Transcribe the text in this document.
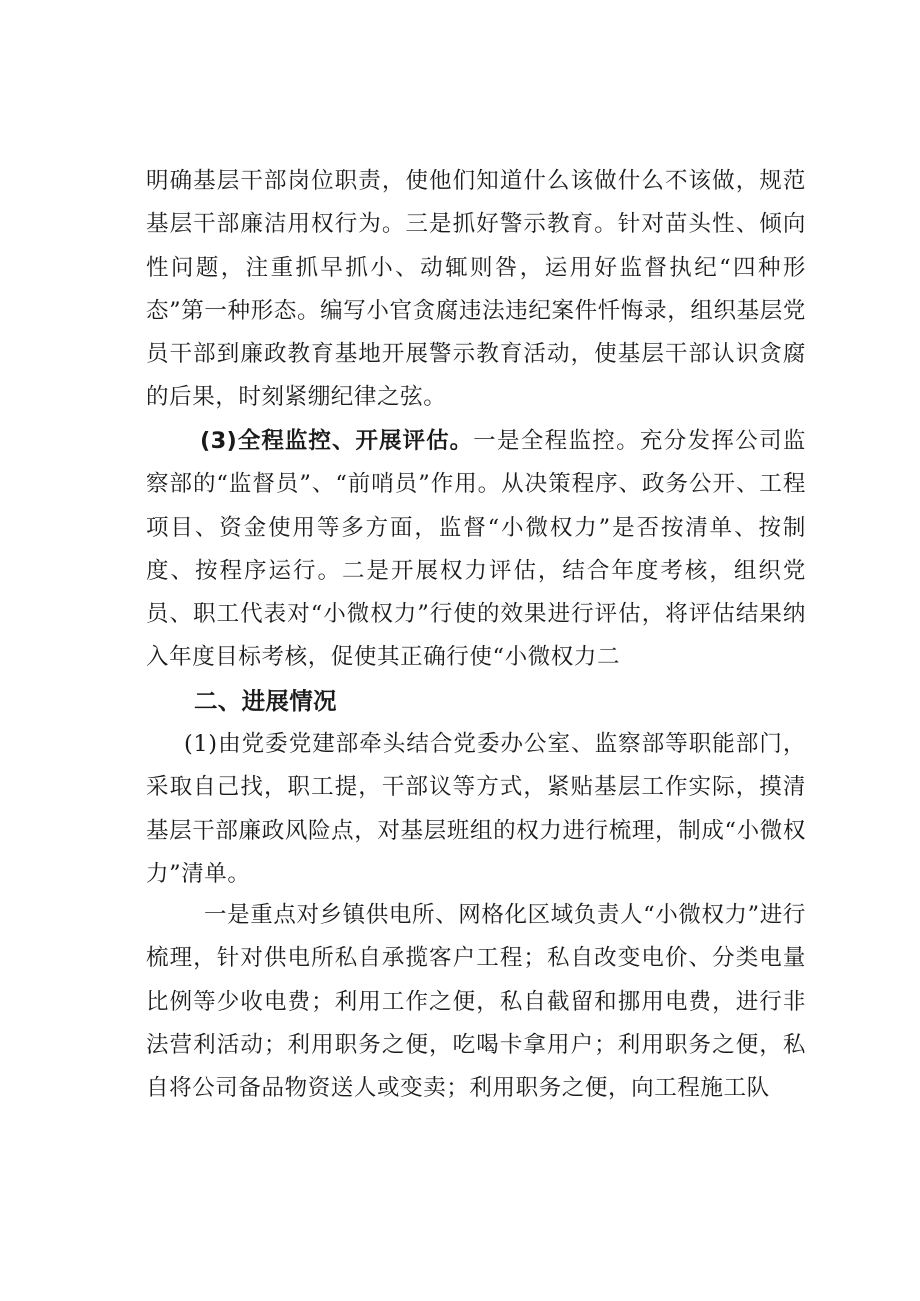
明确基层干部岗位职责，使他们知道什么该做什么不该做，规范基层干部廉洁用权行为。三是抓好警示教育。针对苗头性、倾向性问题，注重抓早抓小、动辄则咎，运用好监督执纪“四种形态”第一种形态。编写小官贪腐违法违纪案件忏悔录，组织基层党员干部到廉政教育基地开展警示教育活动，使基层干部认识贪腐的后果，时刻紧绷纪律之弦。

(3)全程监控、开展评估。一是全程监控。充分发挥公司监察部的“监督员”、“前哨员”作用。从决策程序、政务公开、工程项目、资金使用等多方面，监督“小微权力”是否按清单、按制度、按程序运行。二是开展权力评估，结合年度考核，组织党员、职工代表对“小微权力”行使的效果进行评估，将评估结果纳入年度目标考核，促使其正确行使“小微权力二

二、进展情况

(1)由党委党建部牵头结合党委办公室、监察部等职能部门，采取自己找，职工提，干部议等方式，紧贴基层工作实际，摸清基层干部廉政风险点，对基层班组的权力进行梳理，制成“小微权力”清单。

一是重点对乡镇供电所、网格化区域负责人“小微权力”进行梳理，针对供电所私自承揽客户工程；私自改变电价、分类电量比例等少收电费；利用工作之便，私自截留和挪用电费，进行非法营利活动；利用职务之便，吃喝卡拿用户；利用职务之便，私自将公司备品物资送人或变卖；利用职务之便，向工程施工队
